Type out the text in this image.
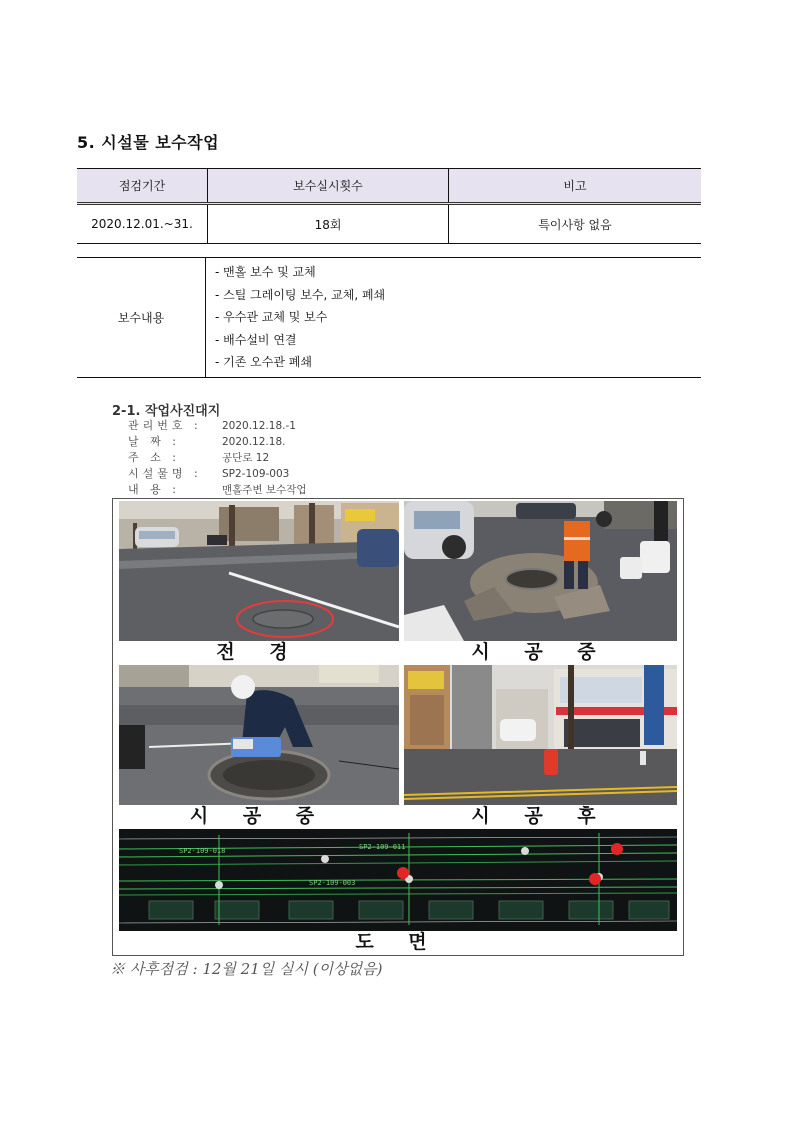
5. 시설물 보수작업
점검기간	보수실시횟수	비고
2020.12.01.~31.	18회	특이사항 없음
보수내용	
- 맨홀 보수 및 교체
- 스틸 그레이팅 보수, 교체, 폐쇄
- 우수관 교체 및 보수
- 배수설비 연결
- 기존 오수관 폐쇄
2-1. 작업사진대지
관리번호 :	2020.12.18.-1
날 짜 :	2020.12.18.
주 소 :	공단로 12
시설물명 :	SP2-109-003
내 용 :	맨홀주변 보수작업
전 경	시 공 중
시 공 중	시 공 후
SP2-109-018	SP2-109-011
SP2-109-003
도 면
※ 사후점검 : 12월 21일 실시 (이상없음)
